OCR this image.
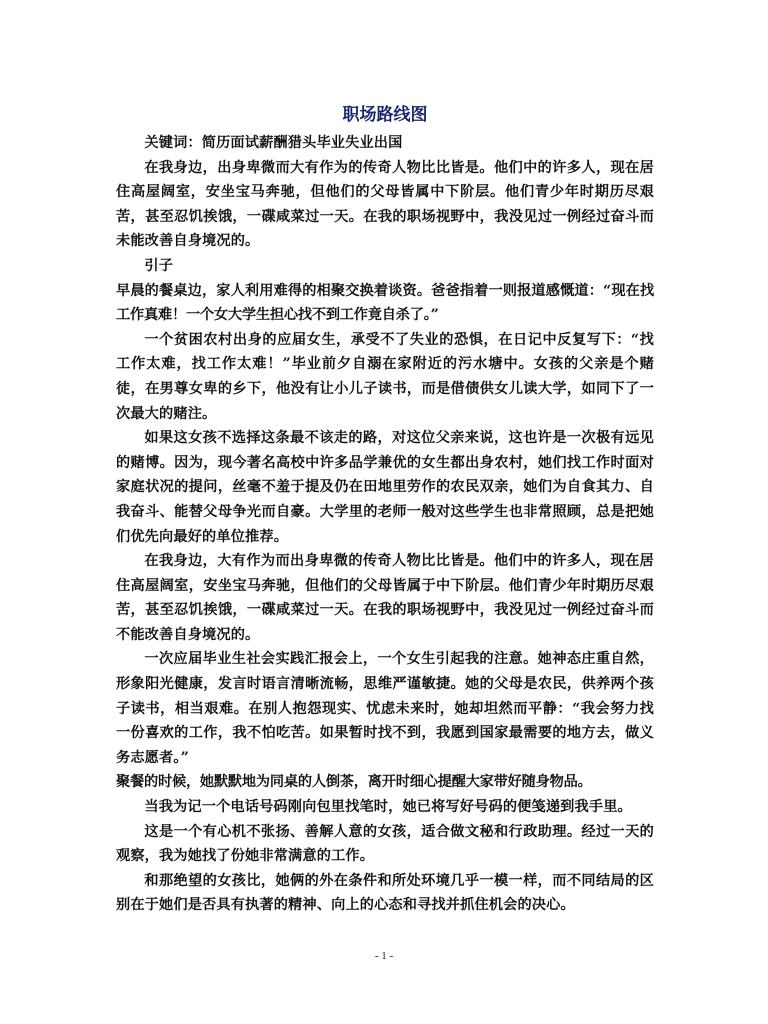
职场路线图

关键词：简历面试薪酬猎头毕业失业出国

在我身边，出身卑微而大有作为的传奇人物比比皆是。他们中的许多人，现在居住高屋阔室，安坐宝马奔驰，但他们的父母皆属中下阶层。他们青少年时期历尽艰苦，甚至忍饥挨饿，一碟咸菜过一天。在我的职场视野中，我没见过一例经过奋斗而未能改善自身境况的。

引子

早晨的餐桌边，家人利用难得的相聚交换着谈资。爸爸指着一则报道感慨道：“现在找工作真难！一个女大学生担心找不到工作竟自杀了。”

一个贫困农村出身的应届女生，承受不了失业的恐惧，在日记中反复写下：“找工作太难，找工作太难！”毕业前夕自溺在家附近的污水塘中。女孩的父亲是个赌徒，在男尊女卑的乡下，他没有让小儿子读书，而是借债供女儿读大学，如同下了一次最大的赌注。

如果这女孩不选择这条最不该走的路，对这位父亲来说，这也许是一次极有远见的赌博。因为，现今著名高校中许多品学兼优的女生都出身农村，她们找工作时面对家庭状况的提问，丝毫不羞于提及仍在田地里劳作的农民双亲，她们为自食其力、自我奋斗、能替父母争光而自豪。大学里的老师一般对这些学生也非常照顾，总是把她们优先向最好的单位推荐。

在我身边，大有作为而出身卑微的传奇人物比比皆是。他们中的许多人，现在居住高屋阔室，安坐宝马奔驰，但他们的父母皆属于中下阶层。他们青少年时期历尽艰苦，甚至忍饥挨饿，一碟咸菜过一天。在我的职场视野中，我没见过一例经过奋斗而不能改善自身境况的。

一次应届毕业生社会实践汇报会上，一个女生引起我的注意。她神态庄重自然，形象阳光健康，发言时语言清晰流畅，思维严谨敏捷。她的父母是农民，供养两个孩子读书，相当艰难。在别人抱怨现实、忧虑未来时，她却坦然而平静：“我会努力找一份喜欢的工作，我不怕吃苦。如果暂时找不到，我愿到国家最需要的地方去，做义务志愿者。”

聚餐的时候，她默默地为同桌的人倒茶，离开时细心提醒大家带好随身物品。

当我为记一个电话号码刚向包里找笔时，她已将写好号码的便笺递到我手里。

这是一个有心机不张扬、善解人意的女孩，适合做文秘和行政助理。经过一天的观察，我为她找了份她非常满意的工作。

和那绝望的女孩比，她俩的外在条件和所处环境几乎一模一样，而不同结局的区别在于她们是否具有执著的精神、向上的心态和寻找并抓住机会的决心。

- 1 -
